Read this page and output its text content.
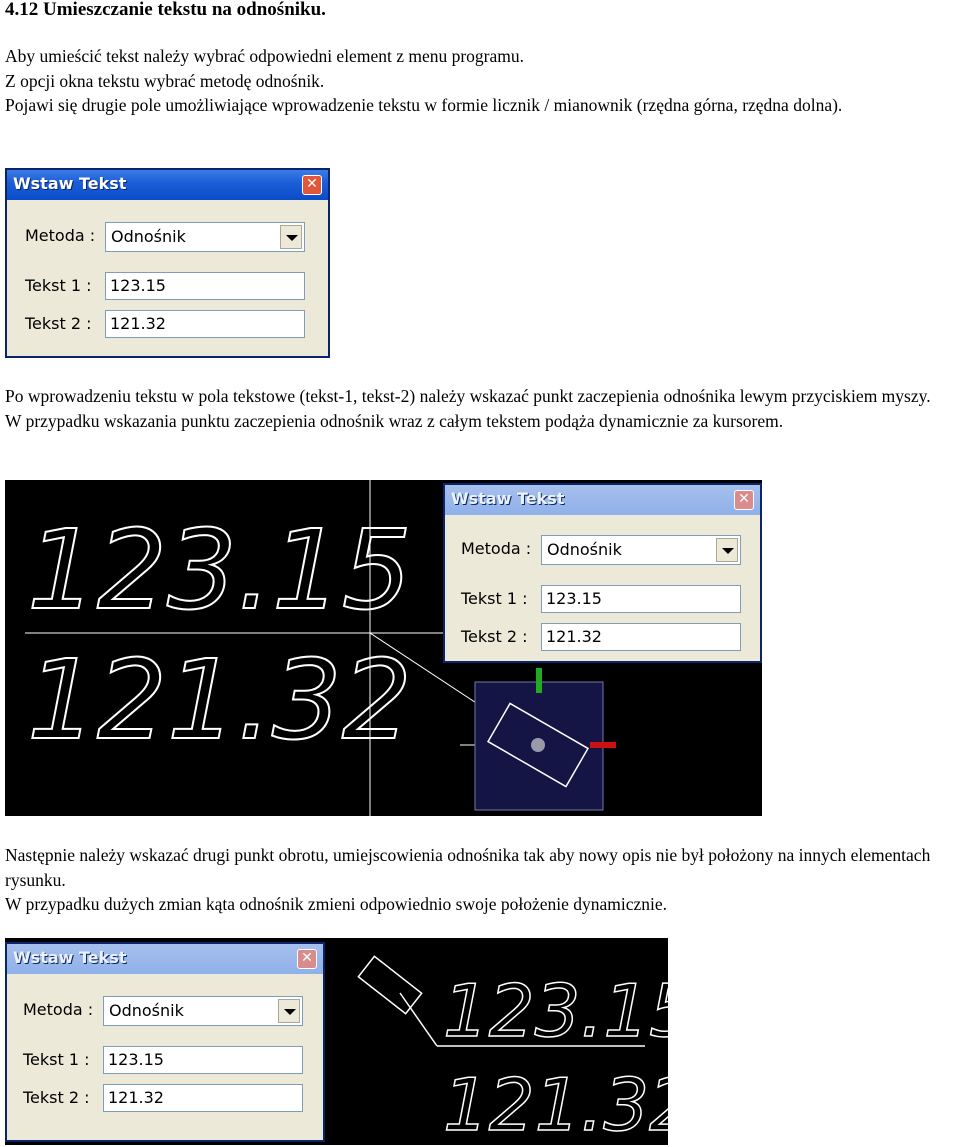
4.12 Umieszczanie tekstu na odnośniku.
Aby umieścić tekst należy wybrać odpowiedni element z menu programu.
Z opcji okna tekstu wybrać metodę odnośnik.
Pojawi się drugie pole umożliwiające wprowadzenie tekstu w formie licznik / mianownik (rzędna górna, rzędna dolna).
Wstaw Tekst	✕
Metoda : Odnośnik
Tekst 1 : 123.15
Tekst 2 : 121.32
Po wprowadzeniu tekstu w pola tekstowe (tekst-1, tekst-2) należy wskazać punkt zaczepienia odnośnika lewym przyciskiem myszy.
W przypadku wskazania punktu zaczepienia odnośnik wraz z całym tekstem podąża dynamicznie za kursorem.
123.15
121.32
Wstaw Tekst	✕
Metoda : Odnośnik
Tekst 1 : 123.15
Tekst 2 : 121.32
Następnie należy wskazać drugi punkt obrotu, umiejscowienia odnośnika tak aby nowy opis nie był położony na innych elementach rysunku.
W przypadku dużych zmian kąta odnośnik zmieni odpowiednio swoje położenie dynamicznie.
Wstaw Tekst	✕
Metoda : Odnośnik
Tekst 1 : 123.15
Tekst 2 : 121.32
123.15
121.32
